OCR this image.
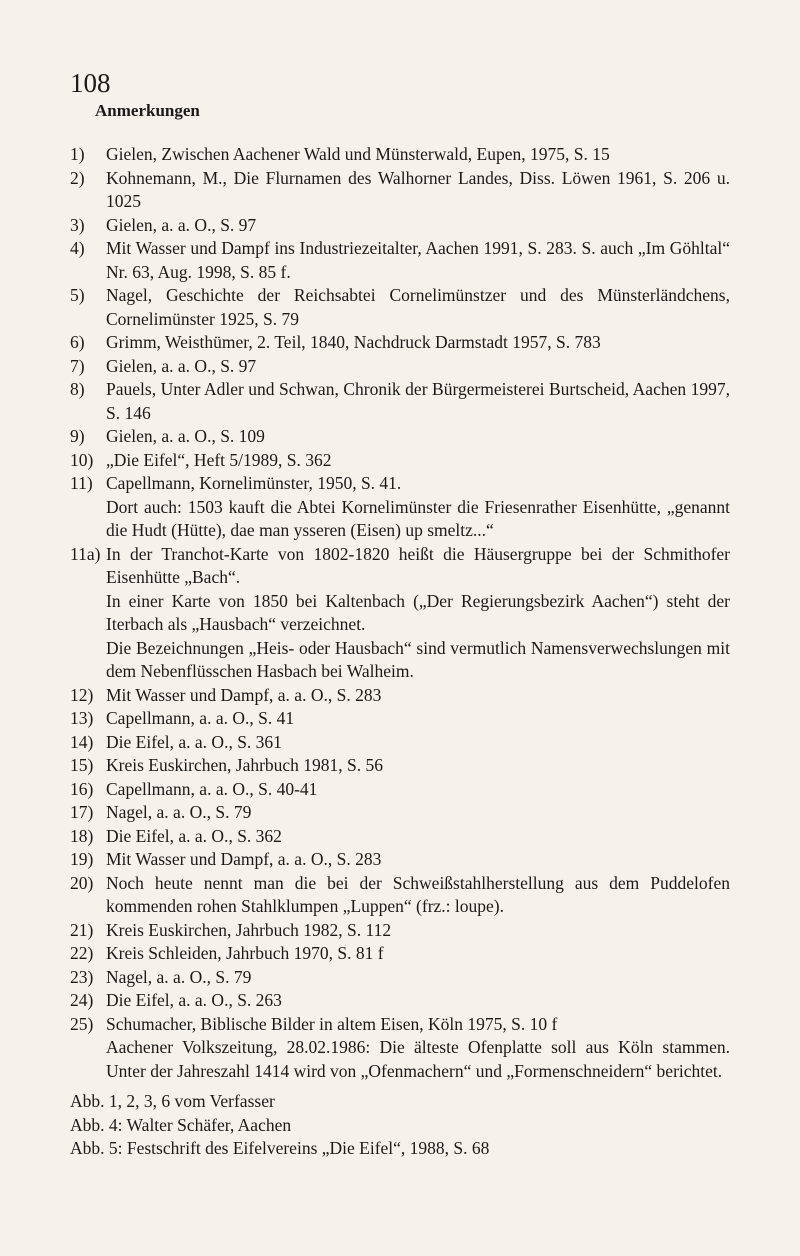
108
Anmerkungen
1)	Gielen, Zwischen Aachener Wald und Münsterwald, Eupen, 1975, S. 15
2)	Kohnemann, M., Die Flurnamen des Walhorner Landes, Diss. Löwen 1961, S. 206 u. 1025
3)	Gielen, a. a. O., S. 97
4)	Mit Wasser und Dampf ins Industriezeitalter, Aachen 1991, S. 283. S. auch „Im Göhltal“ Nr. 63, Aug. 1998, S. 85 f.
5)	Nagel, Geschichte der Reichsabtei Cornelimünstzer und des Münsterländchens, Cornelimünster 1925, S. 79
6)	Grimm, Weisthümer, 2. Teil, 1840, Nachdruck Darmstadt 1957, S. 783
7)	Gielen, a. a. O., S. 97
8)	Pauels, Unter Adler und Schwan, Chronik der Bürgermeisterei Burtscheid, Aachen 1997, S. 146
9)	Gielen, a. a. O., S. 109
10) „Die Eifel“, Heft 5/1989, S. 362
11) Capellmann, Kornelimünster, 1950, S. 41.
Dort auch: 1503 kauft die Abtei Kornelimünster die Friesenrather Eisenhütte, „genannt die Hudt (Hütte), dae man ysseren (Eisen) up smeltz...“
11a) In der Tranchot-Karte von 1802-1820 heißt die Häusergruppe bei der Schmithofer Eisenhütte „Bach“.
In einer Karte von 1850 bei Kaltenbach („Der Regierungsbezirk Aachen“) steht der Iterbach als „Hausbach“ verzeichnet.
Die Bezeichnungen „Heis- oder Hausbach“ sind vermutlich Namensverwechslungen mit dem Nebenflüsschen Hasbach bei Walheim.
12) Mit Wasser und Dampf, a. a. O., S. 283
13) Capellmann, a. a. O., S. 41
14) Die Eifel, a. a. O., S. 361
15) Kreis Euskirchen, Jahrbuch 1981, S. 56
16) Capellmann, a. a. O., S. 40-41
17) Nagel, a. a. O., S. 79
18) Die Eifel, a. a. O., S. 362
19) Mit Wasser und Dampf, a. a. O., S. 283
20) Noch heute nennt man die bei der Schweißstahlherstellung aus dem Puddelofen kommenden rohen Stahlklumpen „Luppen“ (frz.: loupe).
21) Kreis Euskirchen, Jahrbuch 1982, S. 112
22) Kreis Schleiden, Jahrbuch 1970, S. 81 f
23) Nagel, a. a. O., S. 79
24) Die Eifel, a. a. O., S. 263
25) Schumacher, Biblische Bilder in altem Eisen, Köln 1975, S. 10 f
Aachener Volkszeitung, 28.02.1986: Die älteste Ofenplatte soll aus Köln stammen. Unter der Jahreszahl 1414 wird von „Ofenmachern“ und „Formenschneidern“ berichtet.
Abb. 1, 2, 3, 6 vom Verfasser
Abb. 4: Walter Schäfer, Aachen
Abb. 5: Festschrift des Eifelvereins „Die Eifel“, 1988, S. 68
